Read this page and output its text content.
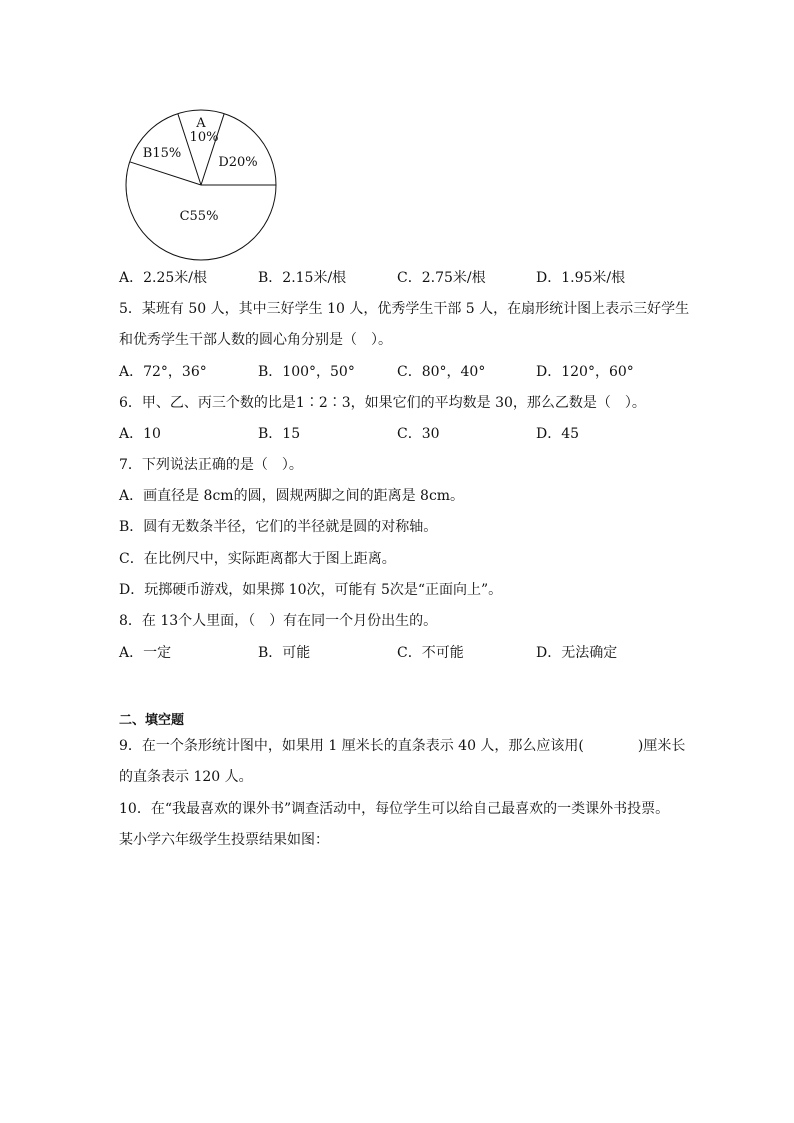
A
10%
B15%
D20%
C55%
A．2.25米/根	B．2.15米/根	C．2.75米/根	D．1.95米/根
5．某班有 50 人，其中三好学生 10 人，优秀学生干部 5 人，在扇形统计图上表示三好学生
和优秀学生干部人数的圆心角分别是（　）。
A．72°，36°	B．100°，50°	C．80°，40°	D．120°，60°
6．甲、乙、丙三个数的比是1∶2∶3，如果它们的平均数是 30，那么乙数是（　）。
A．10	B．15	C．30	D．45
7．下列说法正确的是（　）。
A．画直径是 8cm的圆，圆规两脚之间的距离是 8cm。
B．圆有无数条半径，它们的半径就是圆的对称轴。
C．在比例尺中，实际距离都大于图上距离。
D．玩掷硬币游戏，如果掷 10次，可能有 5次是“正面向上”。
8．在 13个人里面，（　）有在同一个月份出生的。
A．一定	B．可能	C．不可能	D．无法确定
二、填空题
9．在一个条形统计图中，如果用 1 厘米长的直条表示 40 人，那么应该用(	)厘米长
的直条表示 120 人。
10．在“我最喜欢的课外书”调查活动中，每位学生可以给自己最喜欢的一类课外书投票。
某小学六年级学生投票结果如图：
